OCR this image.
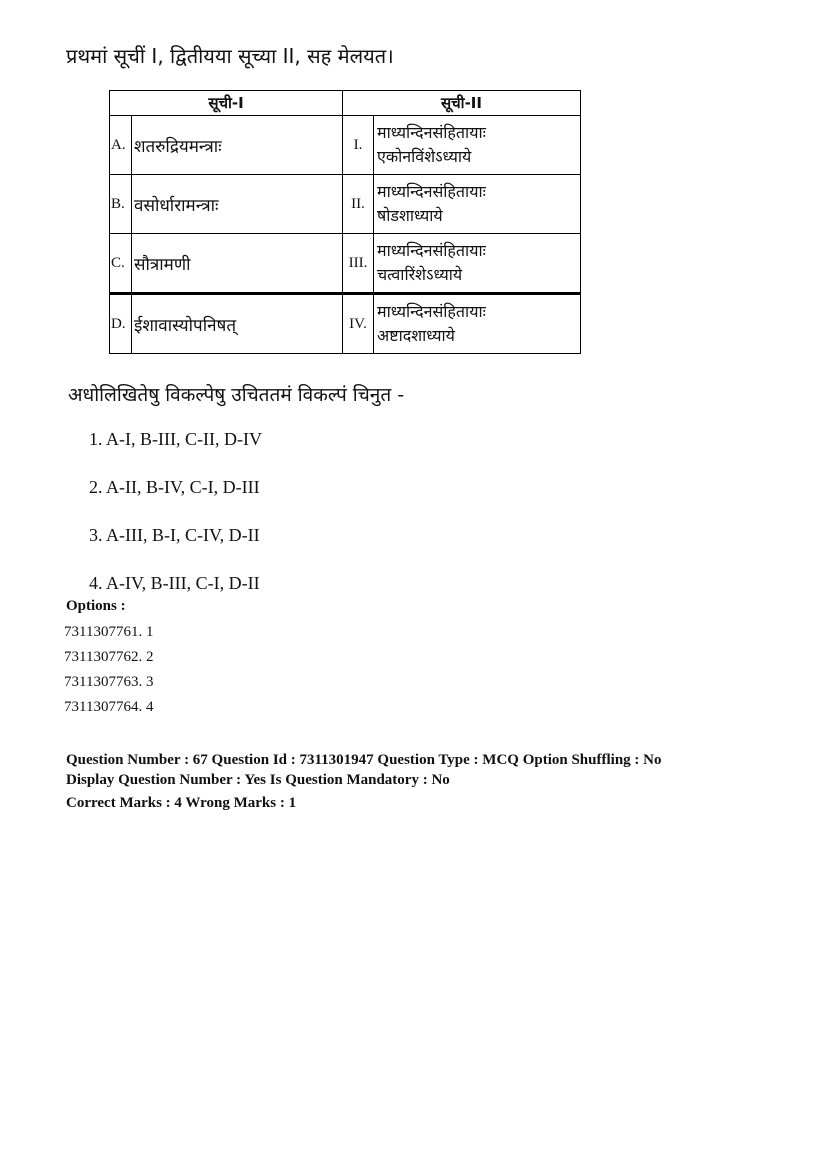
प्रथमां सूचीं I, द्वितीयया सूच्या II, सह मेलयत।
सूची-I		सूची-II	
A.	शतरुद्रियमन्त्राः	I.	माध्यन्दिनसंहितायाः
एकोनविंशेऽध्याये

B.	वसोर्धारामन्त्राः	II.	माध्यन्दिनसंहितायाः
षोडशाध्याये

C.	सौत्रामणी	III.	माध्यन्दिनसंहितायाः
चत्वारिंशेऽध्याये

D.	ईशावास्योपनिषत्	IV.	माध्यन्दिनसंहितायाः
अष्टादशाध्याये
अधोलिखितेषु विकल्पेषु उचिततमं विकल्पं चिनुत -
1. A-I, B-III, C-II, D-IV
2. A-II, B-IV, C-I, D-III
3. A-III, B-I, C-IV, D-II
4. A-IV, B-III, C-I, D-II
Options :
7311307761. 1
7311307762. 2
7311307763. 3
7311307764. 4
Question Number : 67 Question Id : 7311301947 Question Type : MCQ Option Shuffling : No
Display Question Number : Yes Is Question Mandatory : No
Correct Marks : 4 Wrong Marks : 1
